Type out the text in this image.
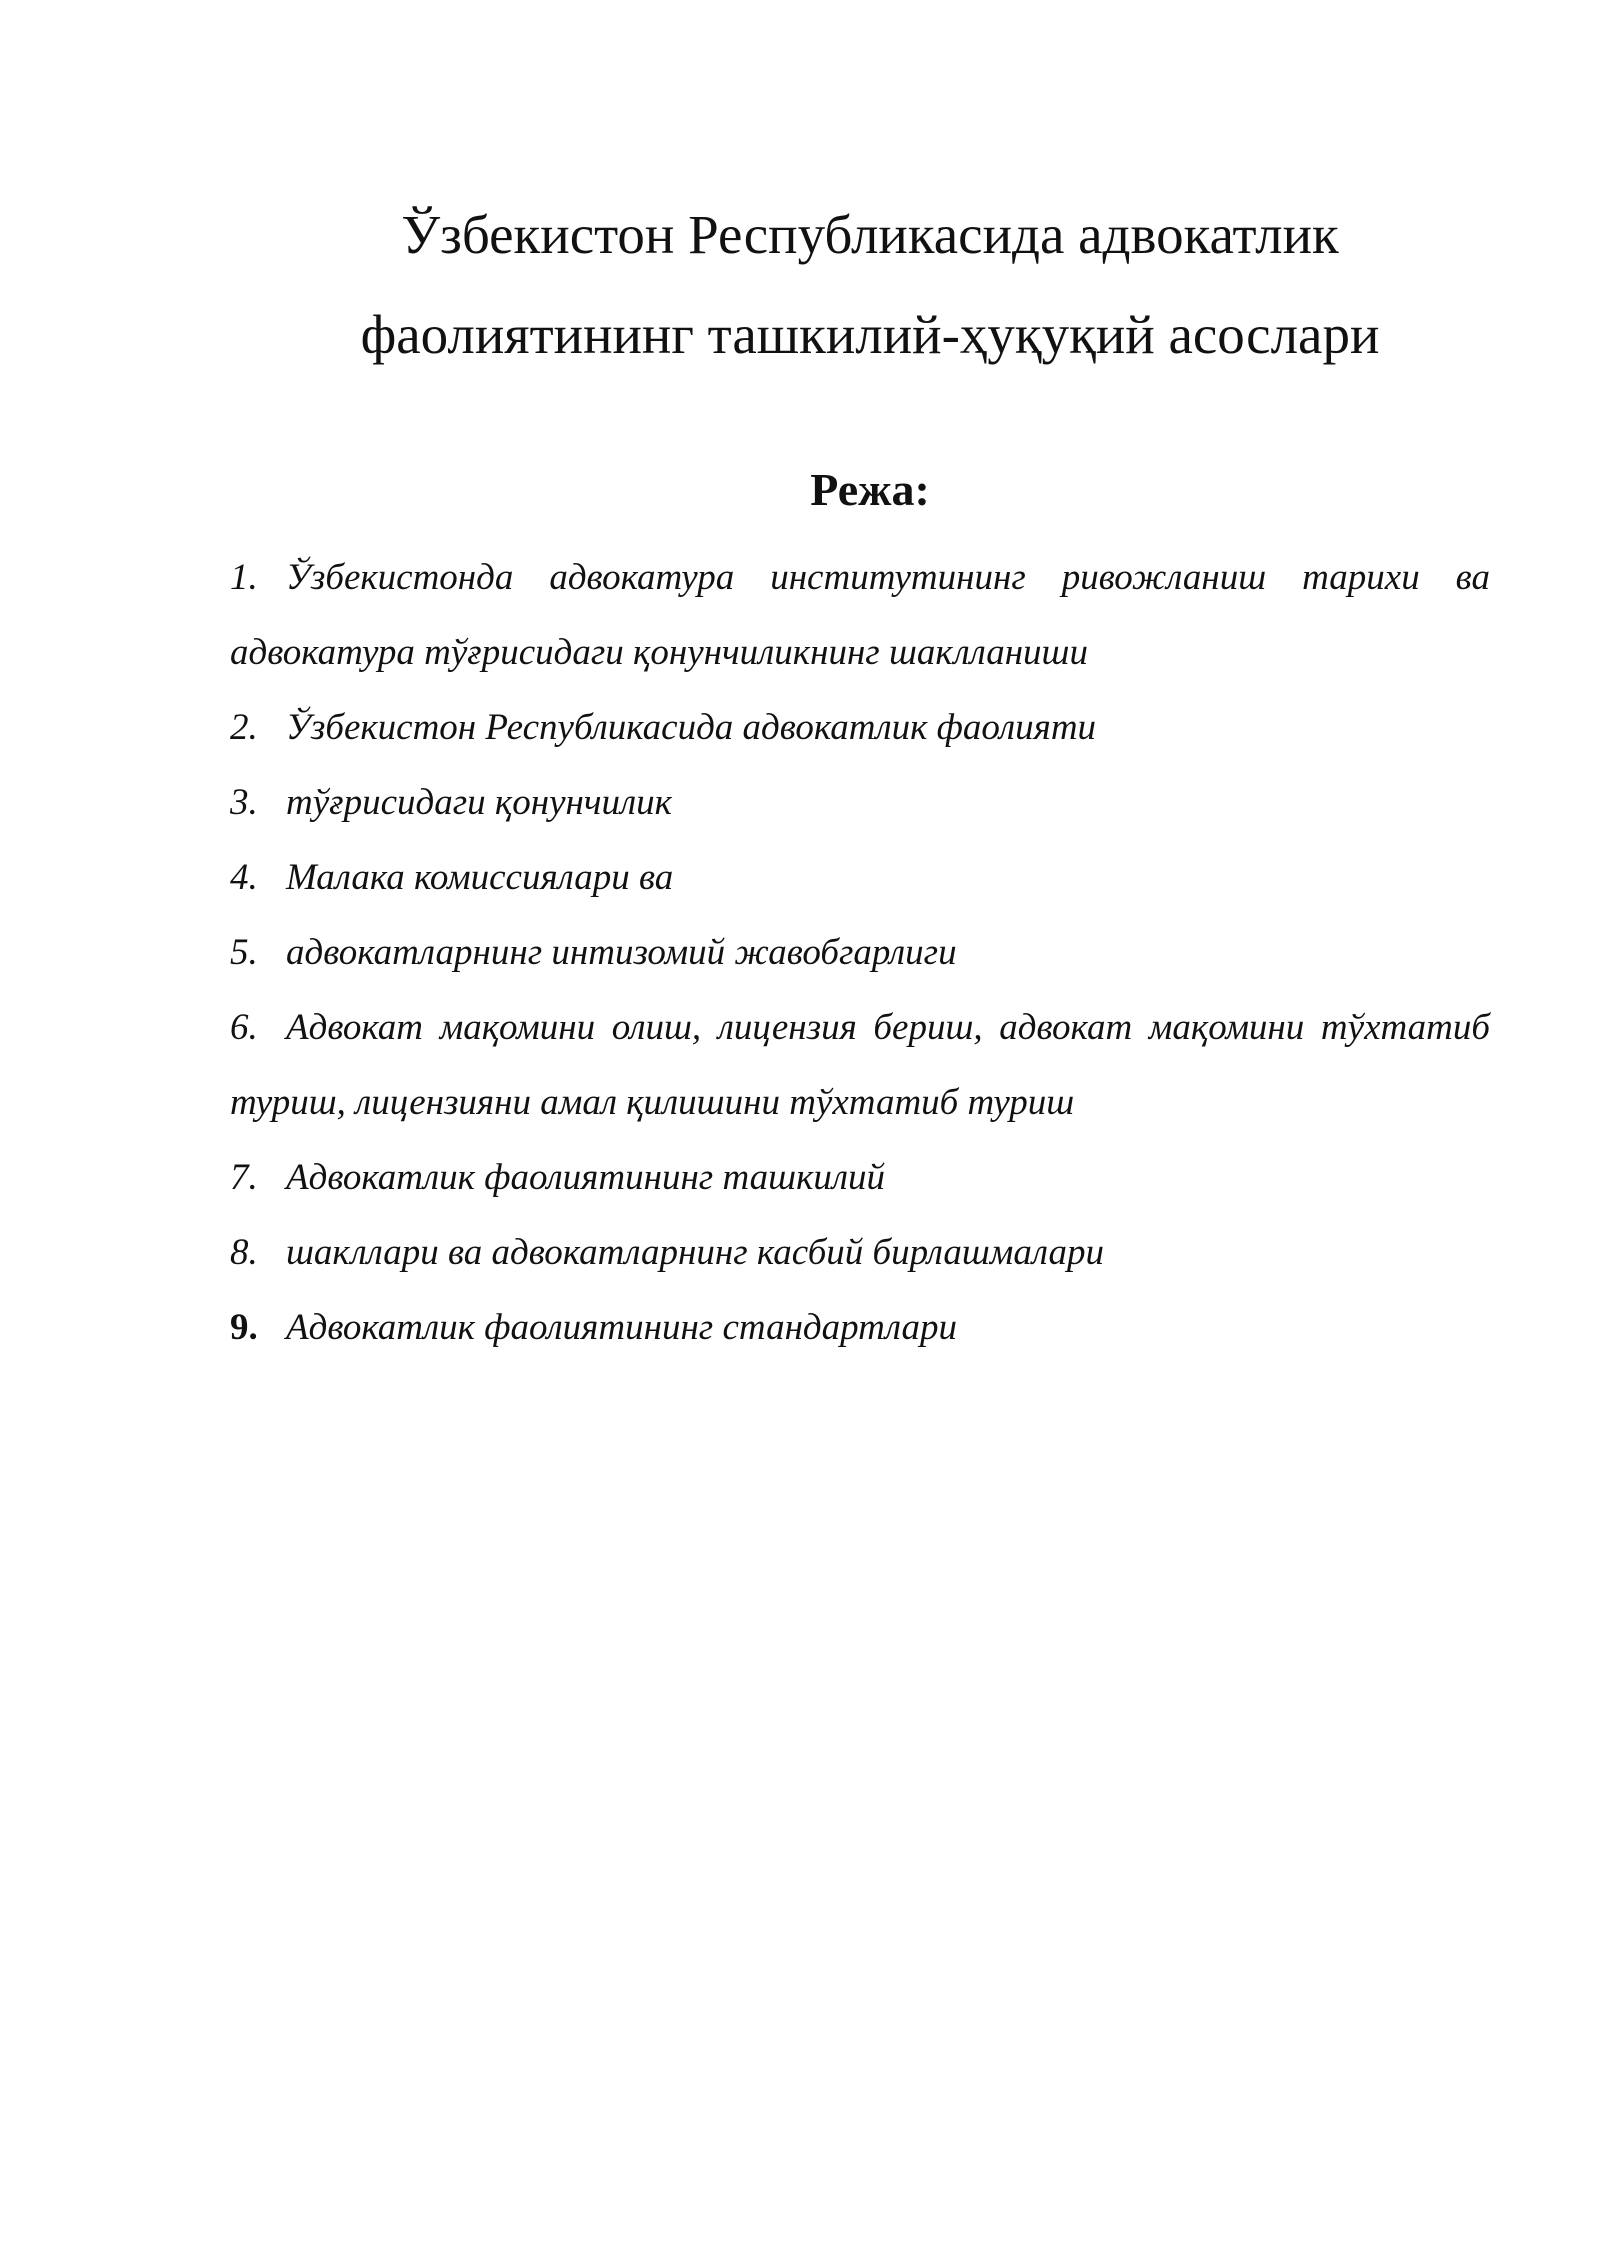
Ўзбекистон Республикасида адвокатлик
фаолиятининг ташкилий-ҳуқуқий асослари
Режа:
1. Ўзбекистонда адвокатура институтининг ривожланиш тарихи ва адвокатура тўғрисидаги қонунчиликнинг шаклланиши
2. Ўзбекистон Республикасида адвокатлик фаолияти
3. тўғрисидаги қонунчилик
4. Малака комиссиялари ва
5. адвокатларнинг интизомий жавобгарлиги
6. Адвокат мақомини олиш, лицензия бериш, адвокат мақомини тўхтатиб туриш, лицензияни амал қилишини тўхтатиб туриш
7. Адвокатлик фаолиятининг ташкилий
8. шакллари ва адвокатларнинг касбий бирлашмалари
9. Адвокатлик фаолиятининг стандартлари
